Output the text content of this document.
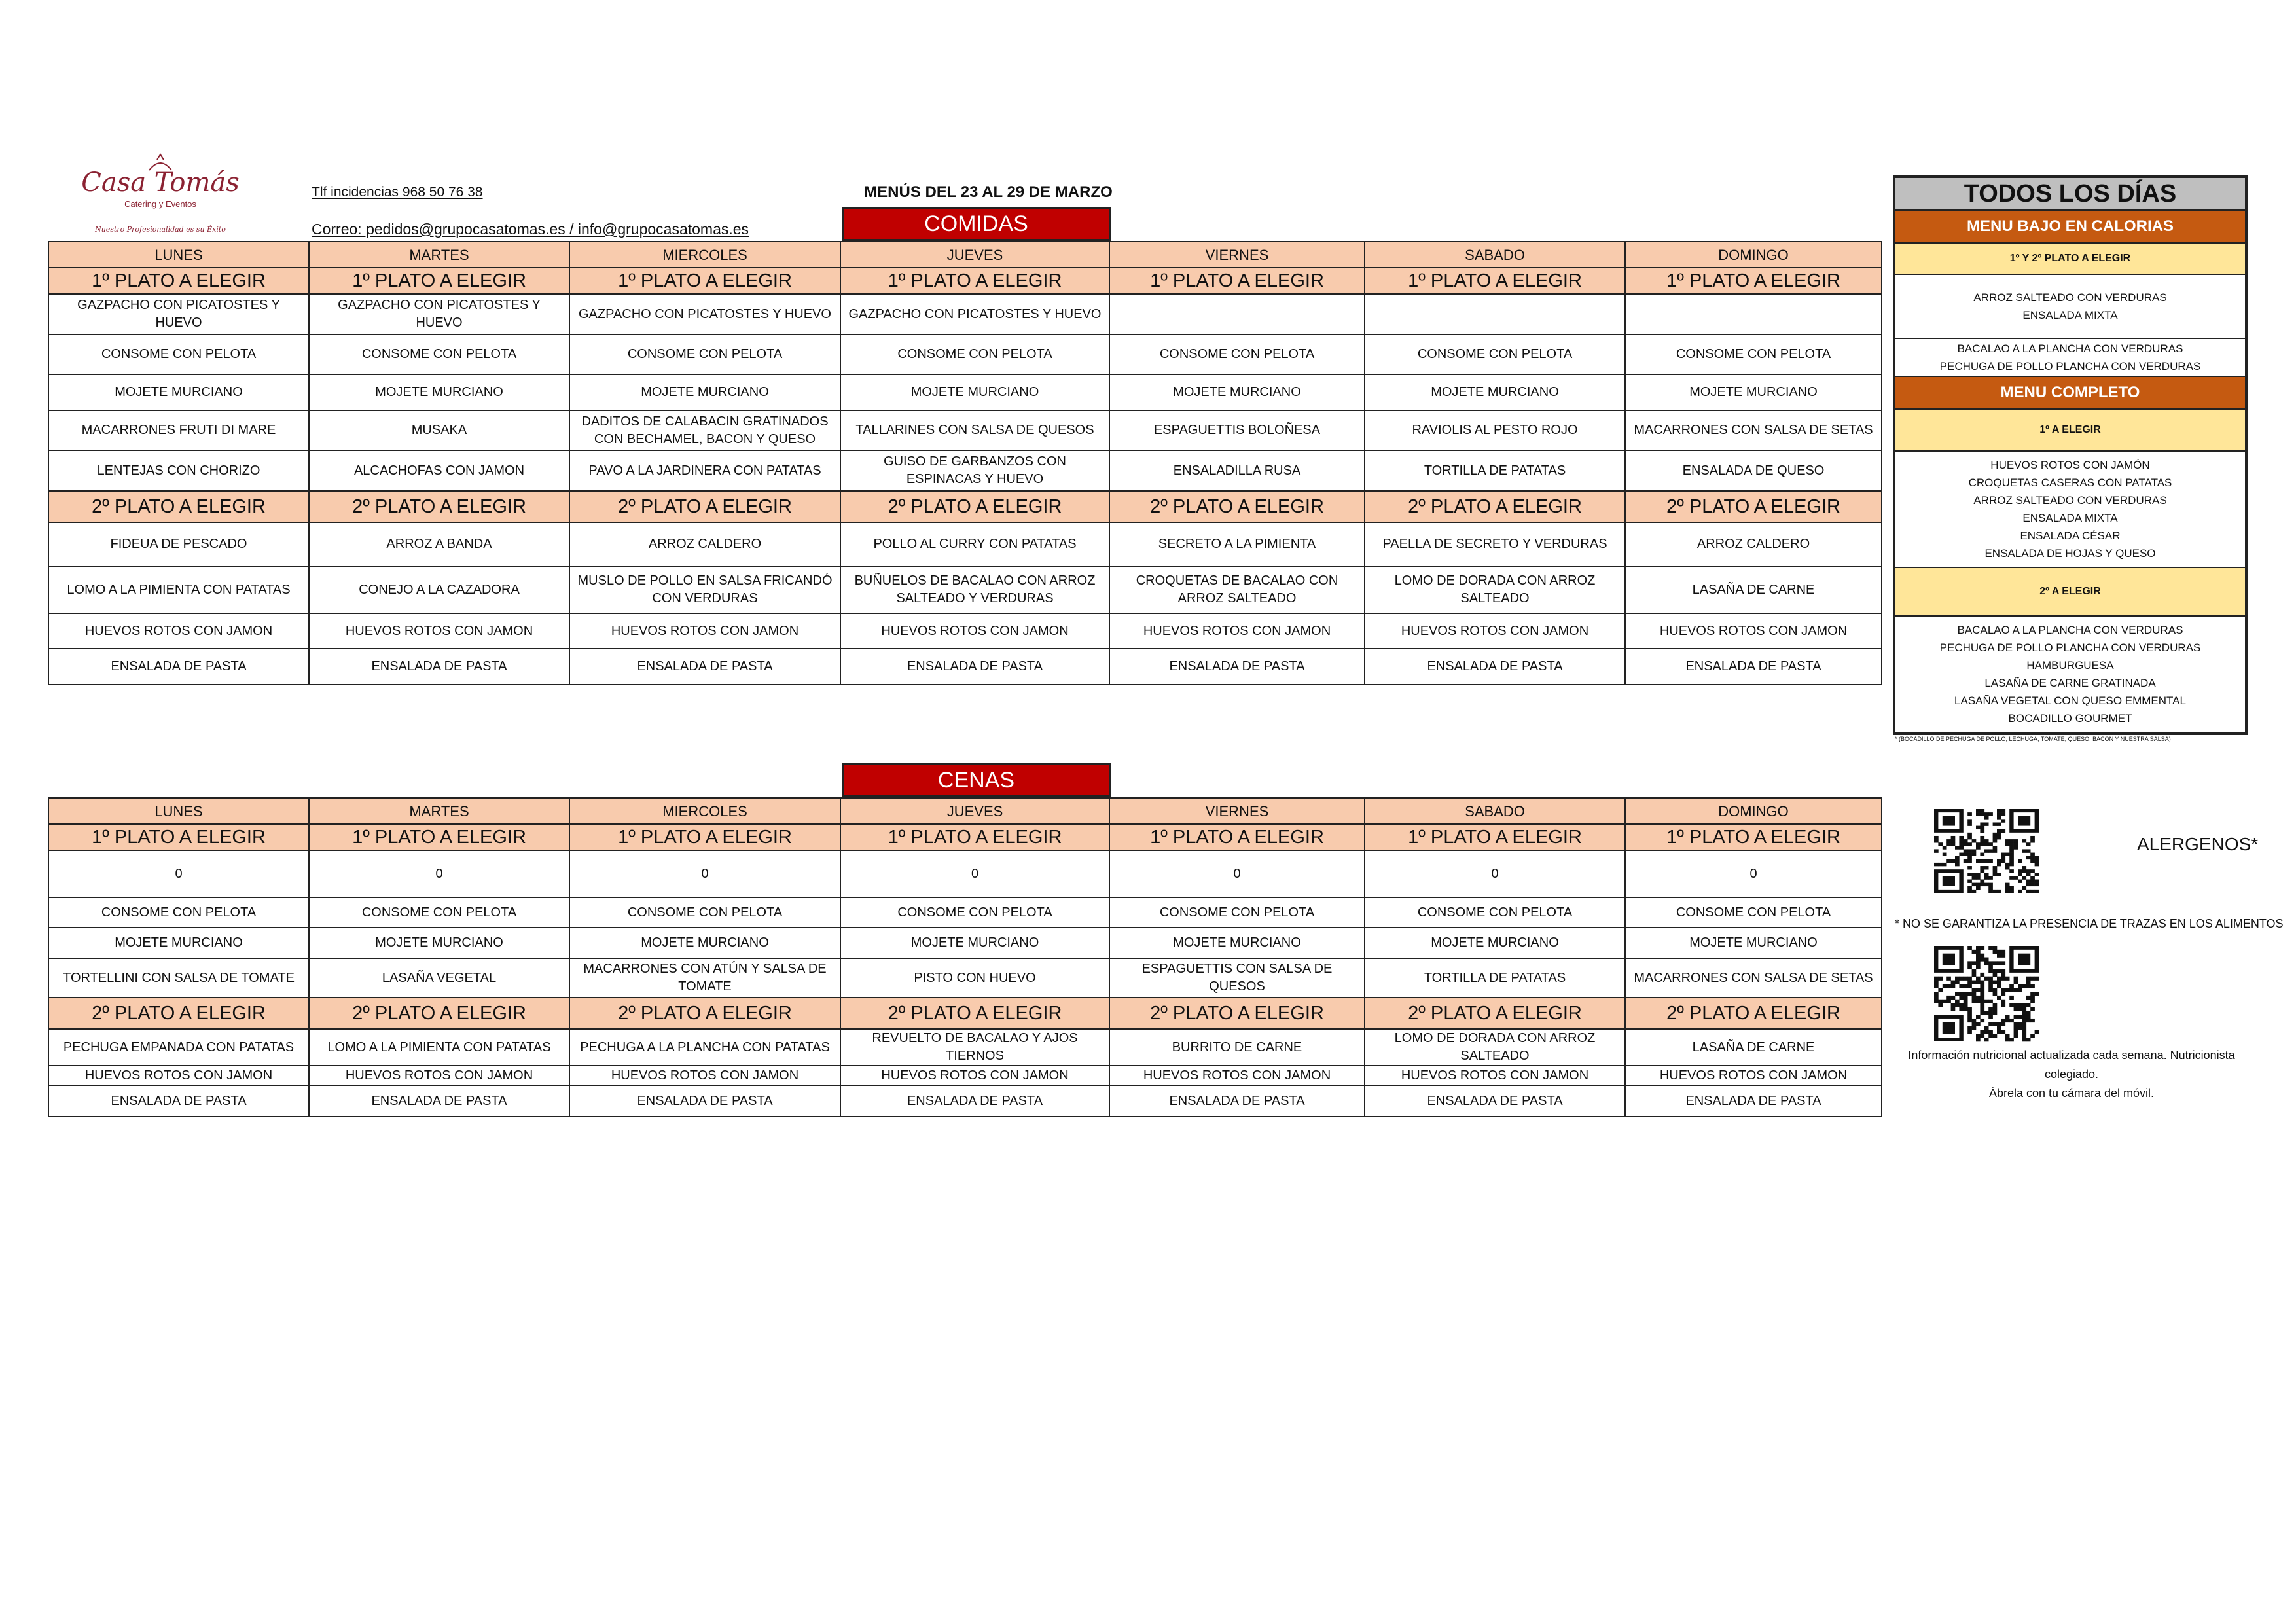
Casa Tomás
Catering y Eventos
Nuestro Profesionalidad es su Éxito
Tlf incidencias 968 50 76 38
Correo: pedidos@grupocasatomas.es / info@grupocasatomas.es
MENÚS DEL 23 AL 29 DE MARZO
COMIDAS
LUNES	MARTES	MIERCOLES	JUEVES	VIERNES	SABADO	DOMINGO
1º PLATO A ELEGIR	1º PLATO A ELEGIR	1º PLATO A ELEGIR	1º PLATO A ELEGIR	1º PLATO A ELEGIR	1º PLATO A ELEGIR	1º PLATO A ELEGIR
GAZPACHO CON PICATOSTES Y HUEVO	GAZPACHO CON PICATOSTES Y HUEVO	GAZPACHO CON PICATOSTES Y HUEVO	GAZPACHO CON PICATOSTES Y HUEVO			
CONSOME CON PELOTA	CONSOME CON PELOTA	CONSOME CON PELOTA	CONSOME CON PELOTA	CONSOME CON PELOTA	CONSOME CON PELOTA	CONSOME CON PELOTA
MOJETE MURCIANO	MOJETE MURCIANO	MOJETE MURCIANO	MOJETE MURCIANO	MOJETE MURCIANO	MOJETE MURCIANO	MOJETE MURCIANO
MACARRONES FRUTI DI MARE	MUSAKA	DADITOS DE CALABACIN GRATINADOS CON BECHAMEL, BACON Y QUESO	TALLARINES CON SALSA DE QUESOS	ESPAGUETTIS BOLOÑESA	RAVIOLIS AL PESTO ROJO	MACARRONES CON SALSA DE SETAS
LENTEJAS CON CHORIZO	ALCACHOFAS CON JAMON	PAVO A LA JARDINERA CON PATATAS	GUISO DE GARBANZOS CON ESPINACAS Y HUEVO	ENSALADILLA RUSA	TORTILLA DE PATATAS	ENSALADA DE QUESO
2º PLATO A ELEGIR	2º PLATO A ELEGIR	2º PLATO A ELEGIR	2º PLATO A ELEGIR	2º PLATO A ELEGIR	2º PLATO A ELEGIR	2º PLATO A ELEGIR
FIDEUA DE PESCADO	ARROZ A BANDA	ARROZ CALDERO	POLLO AL CURRY CON PATATAS	SECRETO A LA PIMIENTA	PAELLA DE SECRETO Y VERDURAS	ARROZ CALDERO
LOMO A LA PIMIENTA CON PATATAS	CONEJO A LA CAZADORA	MUSLO DE POLLO EN SALSA FRICANDÓ CON VERDURAS	BUÑUELOS DE BACALAO CON ARROZ SALTEADO Y VERDURAS	CROQUETAS DE BACALAO CON ARROZ SALTEADO	LOMO DE DORADA CON ARROZ SALTEADO	LASAÑA DE CARNE
HUEVOS ROTOS CON JAMON	HUEVOS ROTOS CON JAMON	HUEVOS ROTOS CON JAMON	HUEVOS ROTOS CON JAMON	HUEVOS ROTOS CON JAMON	HUEVOS ROTOS CON JAMON	HUEVOS ROTOS CON JAMON
ENSALADA DE PASTA	ENSALADA DE PASTA	ENSALADA DE PASTA	ENSALADA DE PASTA	ENSALADA DE PASTA	ENSALADA DE PASTA	ENSALADA DE PASTA
CENAS
LUNES	MARTES	MIERCOLES	JUEVES	VIERNES	SABADO	DOMINGO
1º PLATO A ELEGIR	1º PLATO A ELEGIR	1º PLATO A ELEGIR	1º PLATO A ELEGIR	1º PLATO A ELEGIR	1º PLATO A ELEGIR	1º PLATO A ELEGIR
0	0	0	0	0	0	0
CONSOME CON PELOTA	CONSOME CON PELOTA	CONSOME CON PELOTA	CONSOME CON PELOTA	CONSOME CON PELOTA	CONSOME CON PELOTA	CONSOME CON PELOTA
MOJETE MURCIANO	MOJETE MURCIANO	MOJETE MURCIANO	MOJETE MURCIANO	MOJETE MURCIANO	MOJETE MURCIANO	MOJETE MURCIANO
TORTELLINI CON SALSA DE TOMATE	LASAÑA VEGETAL	MACARRONES CON ATÚN Y SALSA DE TOMATE	PISTO CON HUEVO	ESPAGUETTIS CON SALSA DE QUESOS	TORTILLA DE PATATAS	MACARRONES CON SALSA DE SETAS
2º PLATO A ELEGIR	2º PLATO A ELEGIR	2º PLATO A ELEGIR	2º PLATO A ELEGIR	2º PLATO A ELEGIR	2º PLATO A ELEGIR	2º PLATO A ELEGIR
PECHUGA EMPANADA CON PATATAS	LOMO A LA PIMIENTA CON PATATAS	PECHUGA A LA PLANCHA CON PATATAS	REVUELTO DE BACALAO Y AJOS TIERNOS	BURRITO DE CARNE	LOMO DE DORADA CON ARROZ SALTEADO	LASAÑA DE CARNE
HUEVOS ROTOS CON JAMON	HUEVOS ROTOS CON JAMON	HUEVOS ROTOS CON JAMON	HUEVOS ROTOS CON JAMON	HUEVOS ROTOS CON JAMON	HUEVOS ROTOS CON JAMON	HUEVOS ROTOS CON JAMON
ENSALADA DE PASTA	ENSALADA DE PASTA	ENSALADA DE PASTA	ENSALADA DE PASTA	ENSALADA DE PASTA	ENSALADA DE PASTA	ENSALADA DE PASTA
TODOS LOS DÍAS
MENU BAJO EN CALORIAS
1º Y 2º PLATO A ELEGIR
ARROZ SALTEADO CON VERDURAS
ENSALADA MIXTA
BACALAO A LA PLANCHA CON VERDURAS
PECHUGA DE POLLO PLANCHA CON VERDURAS
MENU COMPLETO
1º A ELEGIR
HUEVOS ROTOS CON JAMÓN
CROQUETAS CASERAS CON PATATAS
ARROZ SALTEADO CON VERDURAS
ENSALADA MIXTA
ENSALADA CÉSAR
ENSALADA DE HOJAS Y QUESO
2º A ELEGIR
BACALAO A LA PLANCHA CON VERDURAS
PECHUGA DE POLLO PLANCHA CON VERDURAS
HAMBURGUESA
LASAÑA DE CARNE GRATINADA
LASAÑA VEGETAL CON QUESO EMMENTAL
BOCADILLO GOURMET
* (BOCADILLO DE PECHUGA DE POLLO, LECHUGA, TOMATE, QUESO, BACON Y NUESTRA SALSA)
ALERGENOS*
* NO SE GARANTIZA LA PRESENCIA DE TRAZAS EN LOS ALIMENTOS
Información nutricional actualizada cada semana. Nutricionista colegiado.
Ábrela con tu cámara del móvil.
